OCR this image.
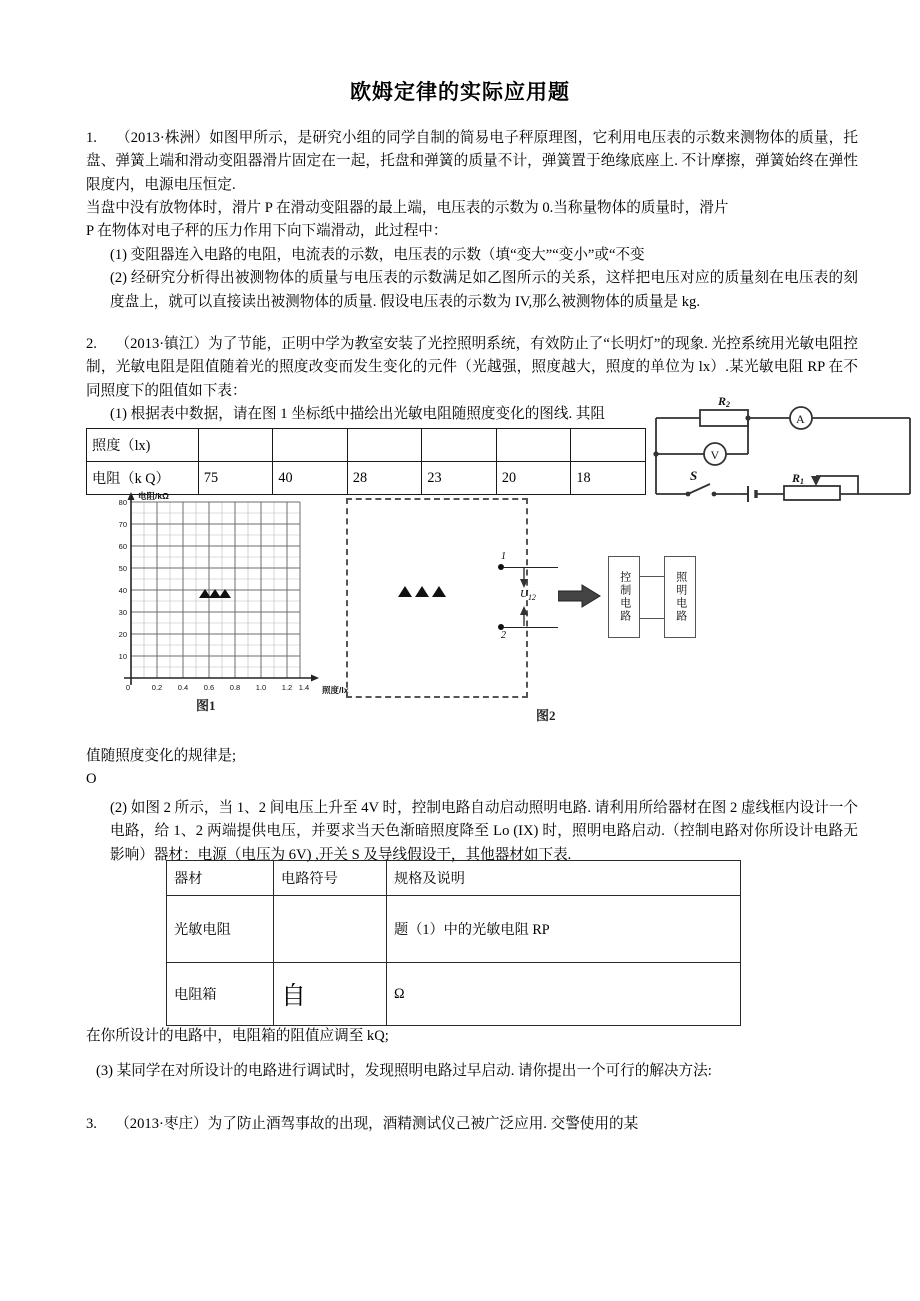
欧姆定律的实际应用题
1. （2013·株洲）如图甲所示，是研究小组的同学自制的简易电子秤原理图，它利用电压表的示数来测物体的质量，托盘、弹簧上端和滑动变阻器滑片固定在一起，托盘和弹簧的质量不计，弹簧置于绝缘底座上. 不计摩擦，弹簧始终在弹性限度内，电源电压恒定.
当盘中没有放物体时，滑片 P 在滑动变阻器的最上端，电压表的示数为 0.当称量物体的质量时，滑片
P 在物体对电子秤的压力作用下向下端滑动，此过程中：
(1) 变阻器连入电路的电阻，电流表的示数，电压表的示数（填“变大”“变小”或“不变
(2) 经研究分析得出被测物体的质量与电压表的示数满足如乙图所示的关系，这样把电压对应的质量刻在电压表的刻度盘上，就可以直接读出被测物体的质量. 假设电压表的示数为 IV,那么被测物体的质量是 kg.
2. （2013·镇江）为了节能，正明中学为教室安装了光控照明系统，有效防止了“长明灯”的现象. 光控系统用光敏电阻控制，光敏电阻是阻值随着光的照度改变而发生变化的元件（光越强，照度越大，照度的单位为 lx）.某光敏电阻 RP 在不同照度下的阻值如下表：
(1) 根据表中数据，请在图 1 坐标纸中描绘出光敏电阻随照度变化的图线. 其阻
照度（lx)						
电阻（k Q）	75	40	28	23	20	18
R2
A
V
S	R1
80
70
60
50
40
30
20
10
0	0.2 0.4 0.6 0.8 1.0 1.2 1.4
电阻/kΩ
照度/lx
图1
1
2
$U_{12}$	控制电路	照明电路
图2
值随照度变化的规律是;
O
(2) 如图 2 所示，当 1、2 间电压上升至 4V 时，控制电路自动启动照明电路. 请利用所给器材在图 2 虚线框内设计一个电路，给 1、2 两端提供电压，并要求当天色渐暗照度降至 Lo (IX) 时，照明电路启动.（控制电路对你所设计电路无影响）器材：电源（电压为 6V) ,开关 S 及导线假设干，其他器材如下表.
器材	电路符号	规格及说明
光敏电阻		题（1）中的光敏电阻 RP
电阻箱	自	Ω
在你所设计的电路中，电阻箱的阻值应调至 kQ;
(3) 某同学在对所设计的电路进行调试时，发现照明电路过早启动. 请你提出一个可行的解决方法:
3. （2013·枣庄）为了防止酒驾事故的出现，酒精测试仪己被广泛应用. 交警使用的某
